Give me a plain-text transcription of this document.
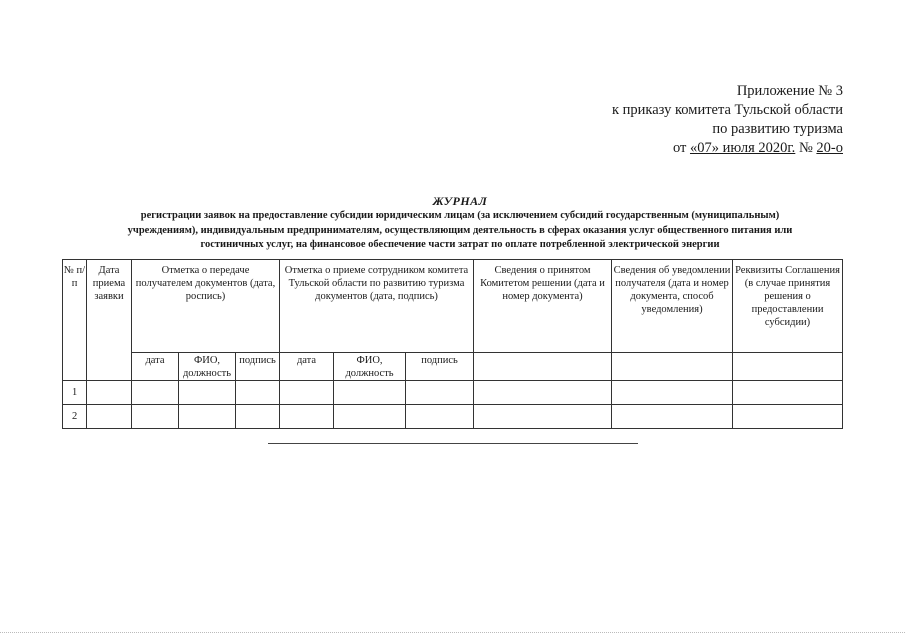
Приложение № 3
к приказу комитета Тульской области
по развитию туризма
от «07» июля 2020г. № 20-о
ЖУРНАЛ
регистрации заявок на предоставление субсидии юридическим лицам (за исключением субсидий государственным (муниципальным)
учреждениям), индивидуальным предпринимателям, осуществляющим деятельность в сферах оказания услуг общественного питания или
гостиничных услуг, на финансовое обеспечение части затрат по оплате потребленной электрической энергии
№ п/п	Дата приема заявки	Отметка о передаче получателем документов (дата, роспись)			Отметка о приеме сотрудником комитета Тульской области по развитию туризма документов (дата, подпись)			Сведения о принятом Комитетом решении (дата и номер документа)	Сведения об уведомлении получателя (дата и номер документа, способ уведомления)	Реквизиты Соглашения (в случае принятия решения о предоставлении субсидии)
		дата	ФИО, должность	подпись	дата	ФИО, должность	подпись			
1										
2										
